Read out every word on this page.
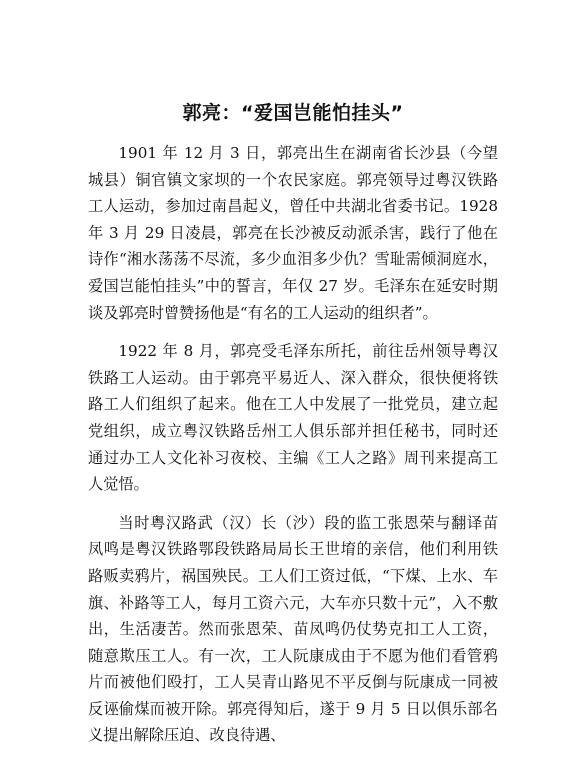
郭亮：“爱国岂能怕挂头”

1901 年 12 月 3 日，郭亮出生在湖南省长沙县（今望城县）铜官镇文家坝的一个农民家庭。郭亮领导过粤汉铁路工人运动，参加过南昌起义，曾任中共湖北省委书记。1928 年 3 月 29 日凌晨，郭亮在长沙被反动派杀害，践行了他在诗作“湘水荡荡不尽流，多少血泪多少仇？雪耻需倾洞庭水，爱国岂能怕挂头”中的誓言，年仅 27 岁。毛泽东在延安时期谈及郭亮时曾赞扬他是“有名的工人运动的组织者”。

1922 年 8 月，郭亮受毛泽东所托，前往岳州领导粤汉铁路工人运动。由于郭亮平易近人、深入群众，很快便将铁路工人们组织了起来。他在工人中发展了一批党员，建立起党组织，成立粤汉铁路岳州工人俱乐部并担任秘书，同时还通过办工人文化补习夜校、主编《工人之路》周刊来提高工人觉悟。

当时粤汉路武（汉）长（沙）段的监工张恩荣与翻译苗凤鸣是粤汉铁路鄂段铁路局局长王世堉的亲信，他们利用铁路贩卖鸦片，祸国殃民。工人们工资过低，“下煤、上水、车旗、补路等工人，每月工资六元，大车亦只数十元”，入不敷出，生活凄苦。然而张恩荣、苗凤鸣仍仗势克扣工人工资，随意欺压工人。有一次，工人阮康成由于不愿为他们看管鸦片而被他们殴打，工人吴青山路见不平反倒与阮康成一同被反诬偷煤而被开除。郭亮得知后，遂于 9 月 5 日以俱乐部名义提出解除压迫、改良待遇、
